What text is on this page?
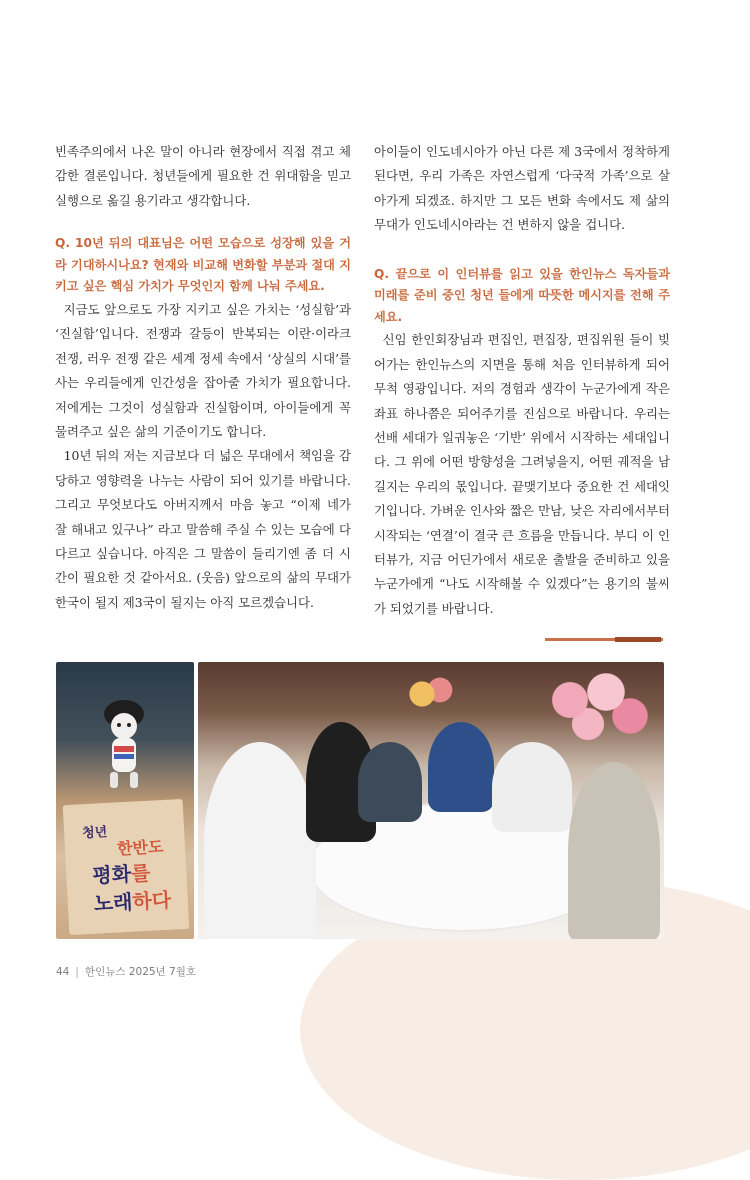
빈족주의에서 나온 말이 아니라 현장에서 직접 겪고 체감한 결론입니다. 청년들에게 필요한 건 위대함을 믿고 실행으로 옮길 용기라고 생각합니다.

Q. 10년 뒤의 대표님은 어떤 모습으로 성장해 있을 거라 기대하시나요? 현재와 비교해 변화할 부분과 절대 지키고 싶은 핵심 가치가 무엇인지 함께 나눠 주세요.

지금도 앞으로도 가장 지키고 싶은 가치는 ‘성실함’과 ‘진실함’입니다. 전쟁과 갈등이 반복되는 이란·이라크 전쟁, 러우 전쟁 같은 세계 정세 속에서 ‘상실의 시대’를 사는 우리들에게 인간성을 잡아줄 가치가 필요합니다. 저에게는 그것이 성실함과 진실함이며, 아이들에게 꼭 물려주고 싶은 삶의 기준이기도 합니다.

10년 뒤의 저는 지금보다 더 넓은 무대에서 책임을 감당하고 영향력을 나누는 사람이 되어 있기를 바랍니다. 그리고 무엇보다도 아버지께서 마음 놓고 “이제 네가 잘 해내고 있구나” 라고 말씀해 주실 수 있는 모습에 다다르고 싶습니다. 아직은 그 말씀이 들리기엔 좀 더 시간이 필요한 것 같아서요. (웃음) 앞으로의 삶의 무대가 한국이 될지 제3국이 될지는 아직 모르겠습니다.

아이들이 인도네시아가 아닌 다른 제 3국에서 정착하게 된다면, 우리 가족은 자연스럽게 ‘다국적 가족’으로 살아가게 되겠죠. 하지만 그 모든 변화 속에서도 제 삶의 무대가 인도네시아라는 건 변하지 않을 겁니다.

Q. 끝으로 이 인터뷰를 읽고 있을 한인뉴스 독자들과 미래를 준비 중인 청년 들에게 따뜻한 메시지를 전해 주세요.

신임 한인회장님과 편집인, 편집장, 편집위원 들이 빚어가는 한인뉴스의 지면을 통해 처음 인터뷰하게 되어 무척 영광입니다. 저의 경험과 생각이 누군가에게 작은 좌표 하나쯤은 되어주기를 진심으로 바랍니다. 우리는 선배 세대가 일궈놓은 ‘기반’ 위에서 시작하는 세대입니다. 그 위에 어떤 방향성을 그려넣을지, 어떤 궤적을 남길지는 우리의 몫입니다. 끝맺기보다 중요한 건 세대잇기입니다. 가벼운 인사와 짧은 만남, 낮은 자리에서부터 시작되는 ‘연결’이 결국 큰 흐름을 만듭니다. 부디 이 인터뷰가, 지금 어딘가에서 새로운 출발을 준비하고 있을 누군가에게 “나도 시작해볼 수 있겠다”는 용기의 불씨가 되었기를 바랍니다.

청년
한반도
평화를
노래하다
44 | 한인뉴스 2025년 7월호
